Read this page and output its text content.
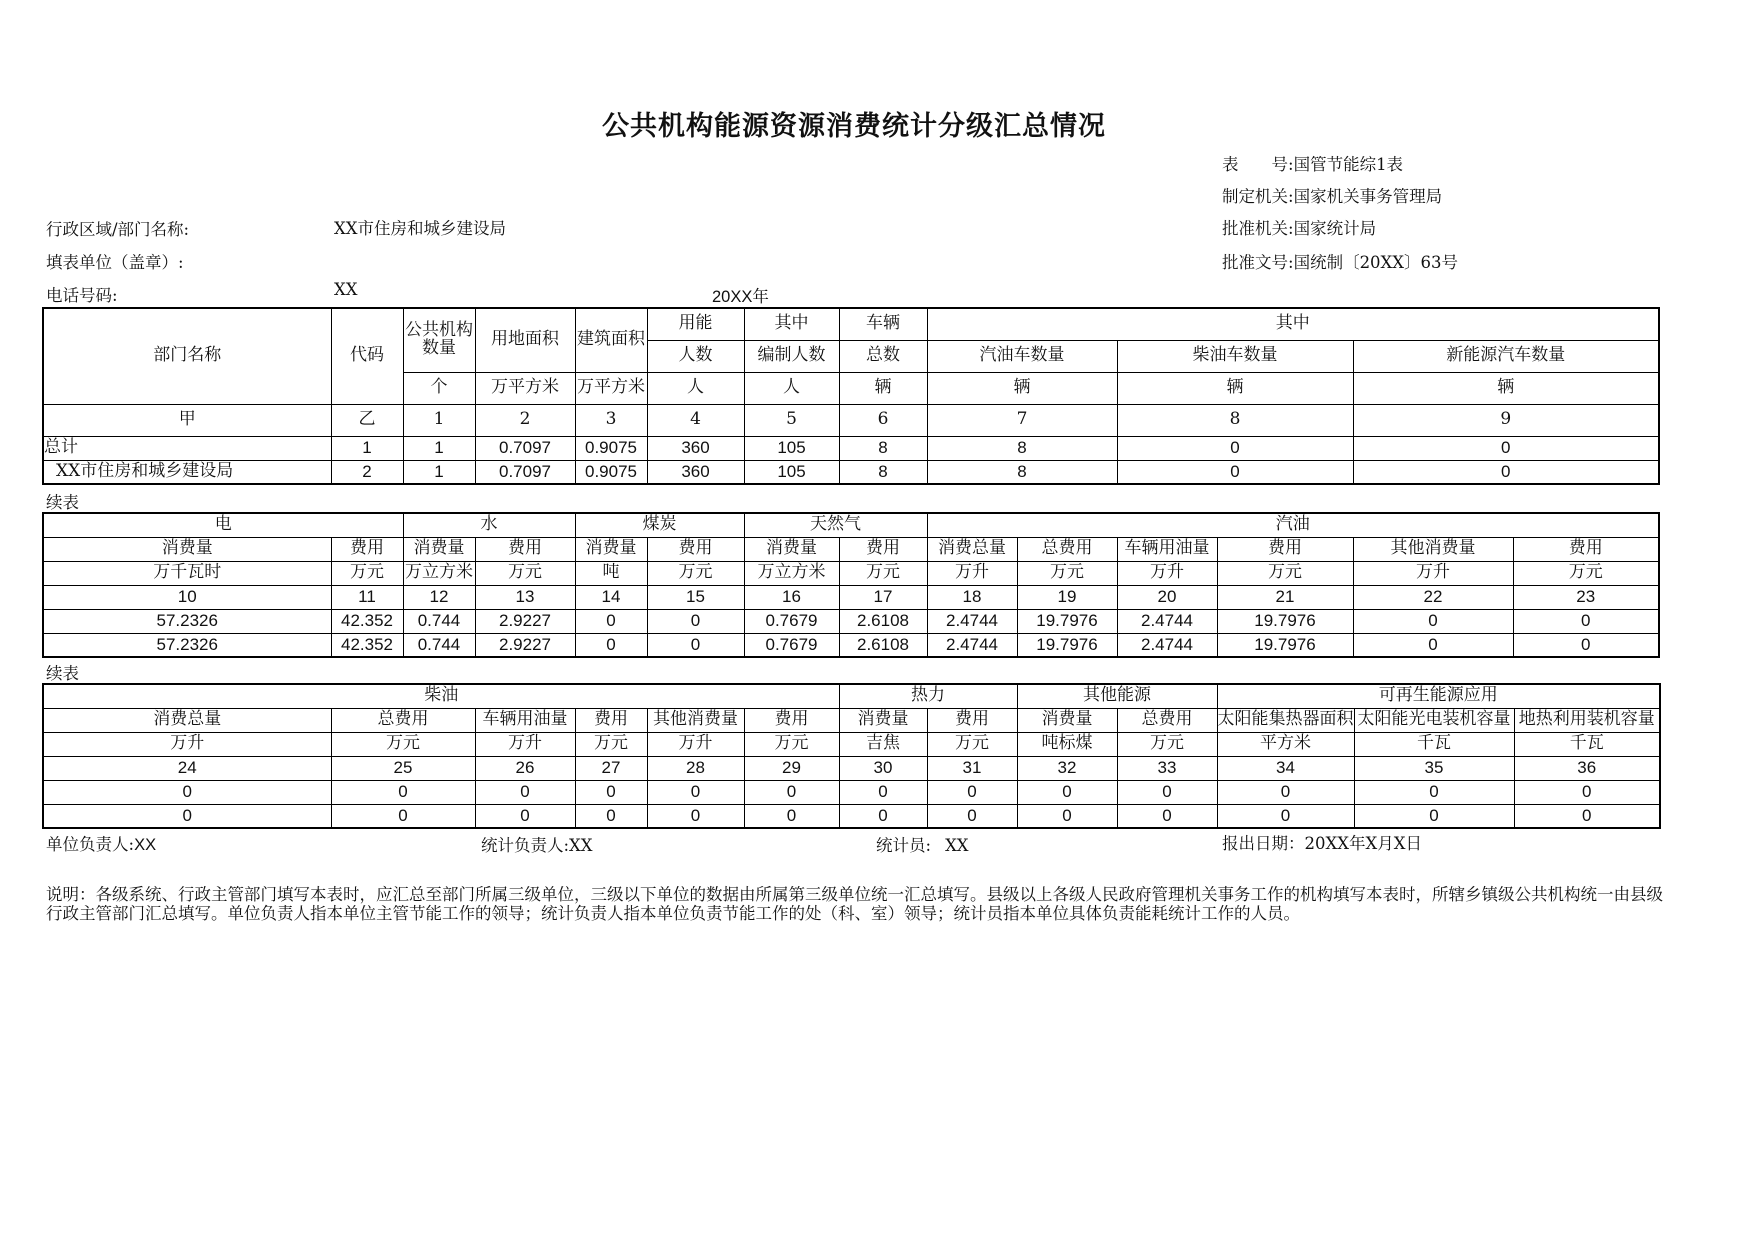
公共机构能源资源消费统计分级汇总情况
表　　号:国管节能综1表
制定机关:国家机关事务管理局
批准机关:国家统计局
批准文号:国统制〔20XX〕63号
行政区域/部门名称:	XX市住房和城乡建设局
填表单位（盖章）:
电话号码:	XX	20XX年
部门名称	代码	公共机构数量	用地面积	建筑面积	用能	其中	车辆	其中		
					人数	编制人数	总数	汽油车数量	柴油车数量	新能源汽车数量
		个	万平方米	万平方米	人	人	辆	辆	辆	辆
甲	乙	1	2	3	4	5	6	7	8	9
总计	1	1	0.7097	0.9075	360	105	8	8	0	0
XX市住房和城乡建设局	2	1	0.7097	0.9075	360	105	8	8	0	0
续表
电		水		煤炭		天然气		汽油					
消费量	费用	消费量	费用	消费量	费用	消费量	费用	消费总量	总费用	车辆用油量	费用	其他消费量	费用
万千瓦时	万元	万立方米	万元	吨	万元	万立方米	万元	万升	万元	万升	万元	万升	万元
10	11	12	13	14	15	16	17	18	19	20	21	22	23
57.2326	42.352	0.744	2.9227	0	0	0.7679	2.6108	2.4744	19.7976	2.4744	19.7976	0	0
57.2326	42.352	0.744	2.9227	0	0	0.7679	2.6108	2.4744	19.7976	2.4744	19.7976	0	0
续表
柴油						热力		其他能源		可再生能源应用		
消费总量	总费用	车辆用油量	费用	其他消费量	费用	消费量	费用	消费量	总费用	太阳能集热器面积	太阳能光电装机容量	地热利用装机容量
万升	万元	万升	万元	万升	万元	吉焦	万元	吨标煤	万元	平方米	千瓦	千瓦
24	25	26	27	28	29	30	31	32	33	34	35	36
0	0	0	0	0	0	0	0	0	0	0	0	0
0	0	0	0	0	0	0	0	0	0	0	0	0
单位负责人:XX	统计负责人:XX	统计员: XX	报出日期：20XX年X月X日
说明：各级系统、行政主管部门填写本表时，应汇总至部门所属三级单位，三级以下单位的数据由所属第三级单位统一汇总填写。县级以上各级人民政府管理机关事务工作的机构填写本表时，所辖乡镇级公共机构统一由县级行政主管部门汇总填写。单位负责人指本单位主管节能工作的领导；统计负责人指本单位负责节能工作的处（科、室）领导；统计员指本单位具体负责能耗统计工作的人员。
